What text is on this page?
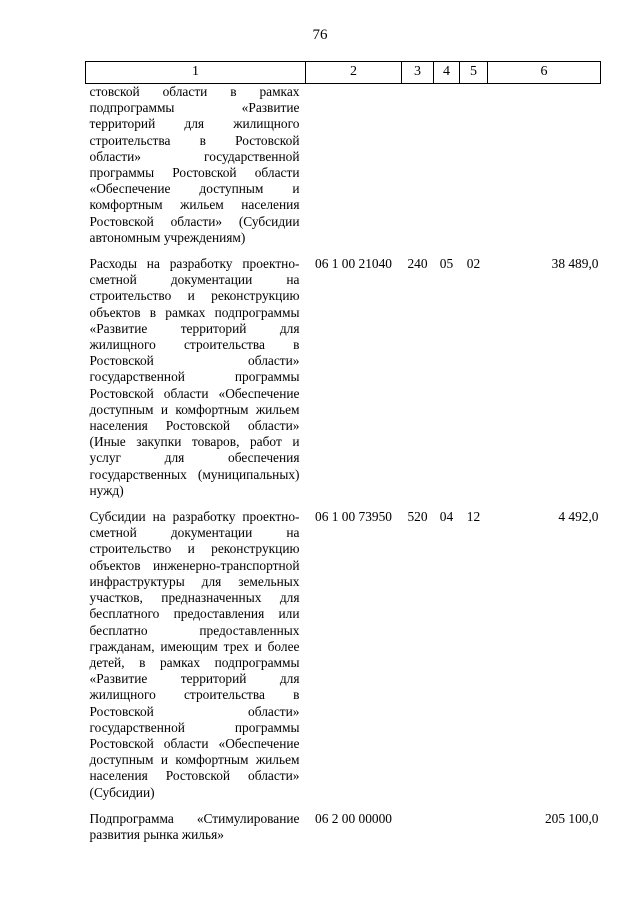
76
1	2	3	4	5	6
стовской области в рамках подпрограммы «Развитие территорий для жилищного строительства в Ростовской области» государственной программы Ростовской области «Обеспечение доступным и комфортным жильем населения Ростовской области» (Субсидии автономным учреждениям)					
Расходы на разработку проектно-сметной документации на строительство и реконструкцию объектов в рамках подпрограммы «Развитие территорий для жилищного строительства в Ростовской области» государственной программы Ростовской области «Обеспечение доступным и комфортным жильем населения Ростовской области» (Иные закупки товаров, работ и услуг для обеспечения государственных (муниципальных) нужд)	06 1 00 21040	240	05	02	38 489,0
Субсидии на разработку проектно-сметной документации на строительство и реконструкцию объектов инженерно-транспортной инфраструктуры для земельных участков, предназначенных для бесплатного предоставления или бесплатно предоставленных гражданам, имеющим трех и более детей, в рамках подпрограммы «Развитие территорий для жилищного строительства в Ростовской области» государственной программы Ростовской области «Обеспечение доступным и комфортным жильем населения Ростовской области» (Субсидии)	06 1 00 73950	520	04	12	4 492,0
Подпрограмма «Стимулирование развития рынка жилья»	06 2 00 00000				205 100,0
